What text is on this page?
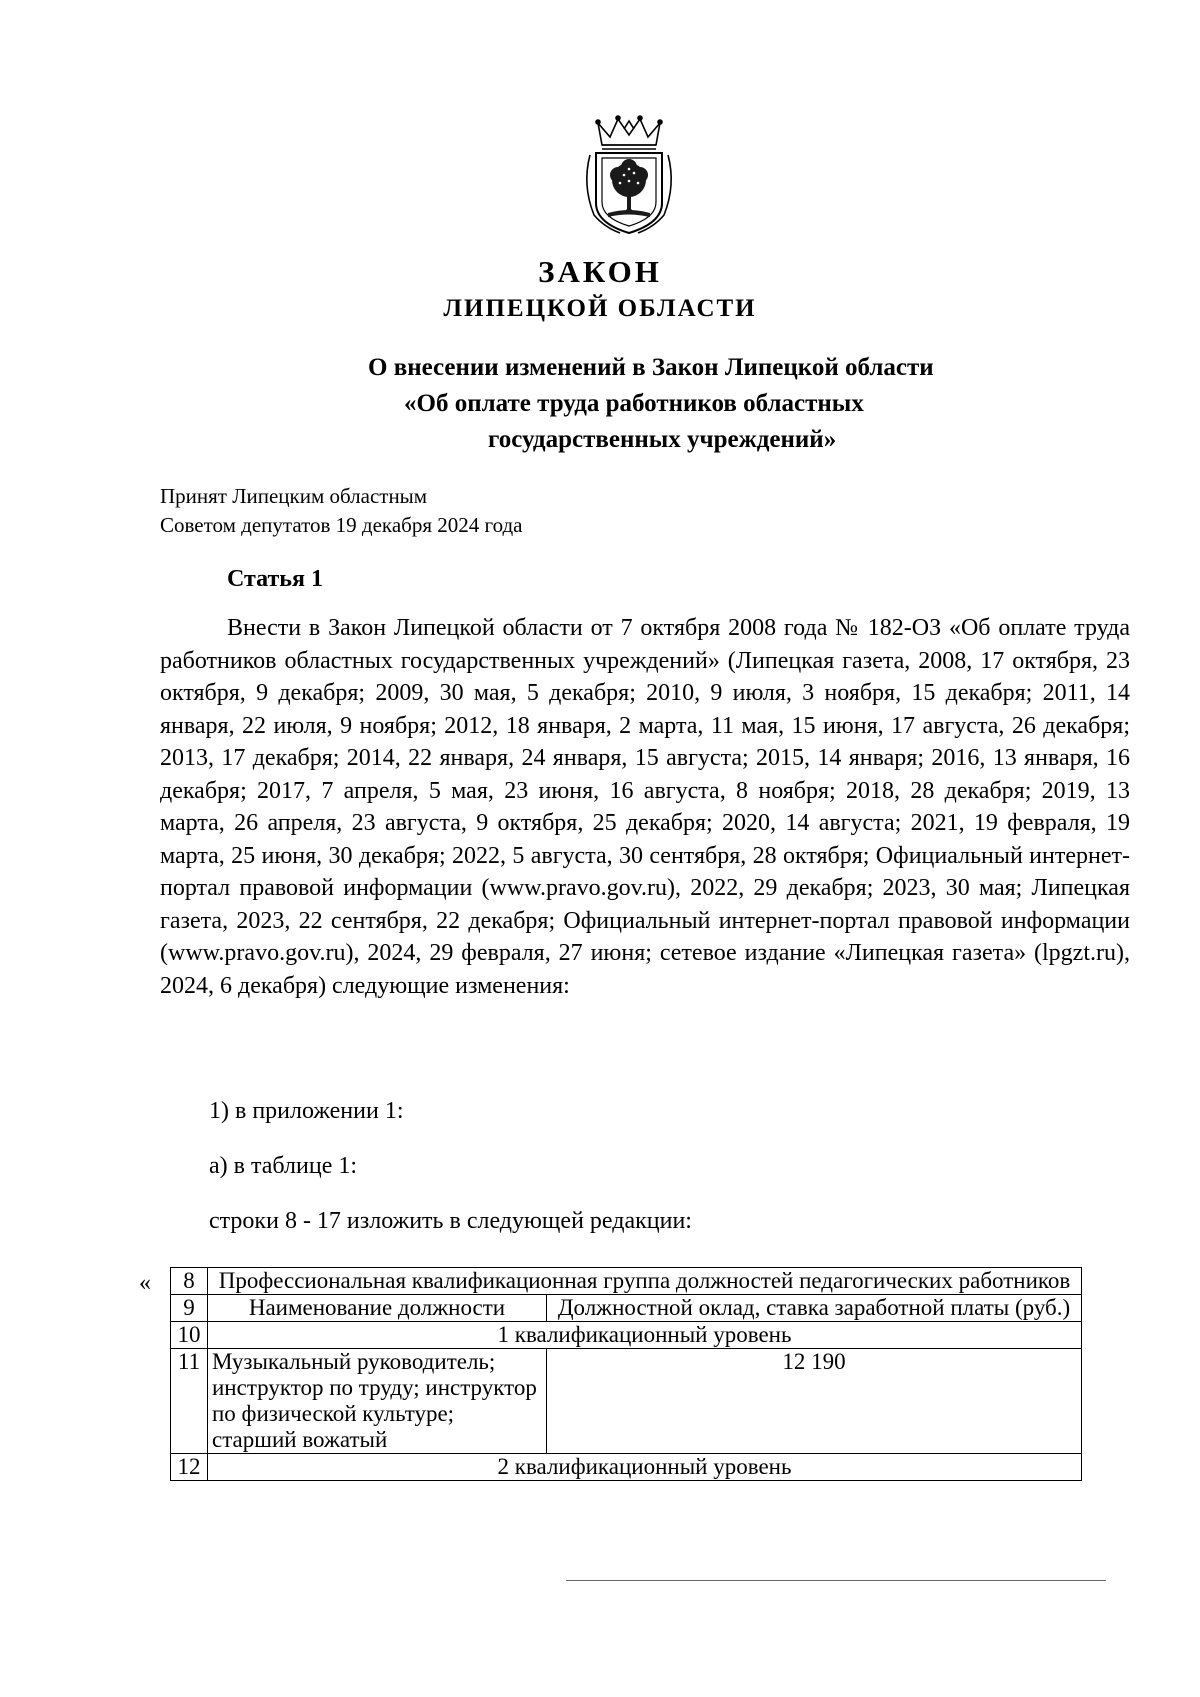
ЗАКОН
ЛИПЕЦКОЙ ОБЛАСТИ
О внесении изменений в Закон Липецкой области
«Об оплате труда работников областных
государственных учреждений»
Принят Липецким областным
Советом депутатов 19 декабря 2024 года
Статья 1

Внести в Закон Липецкой области от 7 октября 2008 года № 182-ОЗ «Об оплате труда работников областных государственных учреждений» (Липецкая газета, 2008, 17 октября, 23 октября, 9 декабря; 2009, 30 мая, 5 декабря; 2010, 9 июля, 3 ноября, 15 декабря; 2011, 14 января, 22 июля, 9 ноября; 2012, 18 января, 2 марта, 11 мая, 15 июня, 17 августа, 26 декабря; 2013, 17 декабря; 2014, 22 января, 24 января, 15 августа; 2015, 14 января; 2016, 13 января, 16 декабря; 2017, 7 апреля, 5 мая, 23 июня, 16 августа, 8 ноября; 2018, 28 декабря; 2019, 13 марта, 26 апреля, 23 августа, 9 октября, 25 декабря; 2020, 14 августа; 2021, 19 февраля, 19 марта, 25 июня, 30 декабря; 2022, 5 августа, 30 сентября, 28 октября; Официальный интернет-портал правовой информации (www.pravo.gov.ru), 2022, 29 декабря; 2023, 30 мая; Липецкая газета, 2023, 22 сентября, 22 декабря; Официальный интернет-портал правовой информации (www.pravo.gov.ru), 2024, 29 февраля, 27 июня; сетевое издание «Липецкая газета» (lpgzt.ru), 2024, 6 декабря) следующие изменения:

1) в приложении 1:
а) в таблице 1:
строки 8 - 17 изложить в следующей редакции:
« 8	Профессиональная квалификационная группа должностей педагогических работников	
9	Наименование должности	Должностной оклад, ставка заработной платы (руб.)
10	1 квалификационный уровень	
11	Музыкальный руководитель; инструктор по труду; инструктор по физической культуре; старший вожатый	12 190
12	2 квалификационный уровень	
